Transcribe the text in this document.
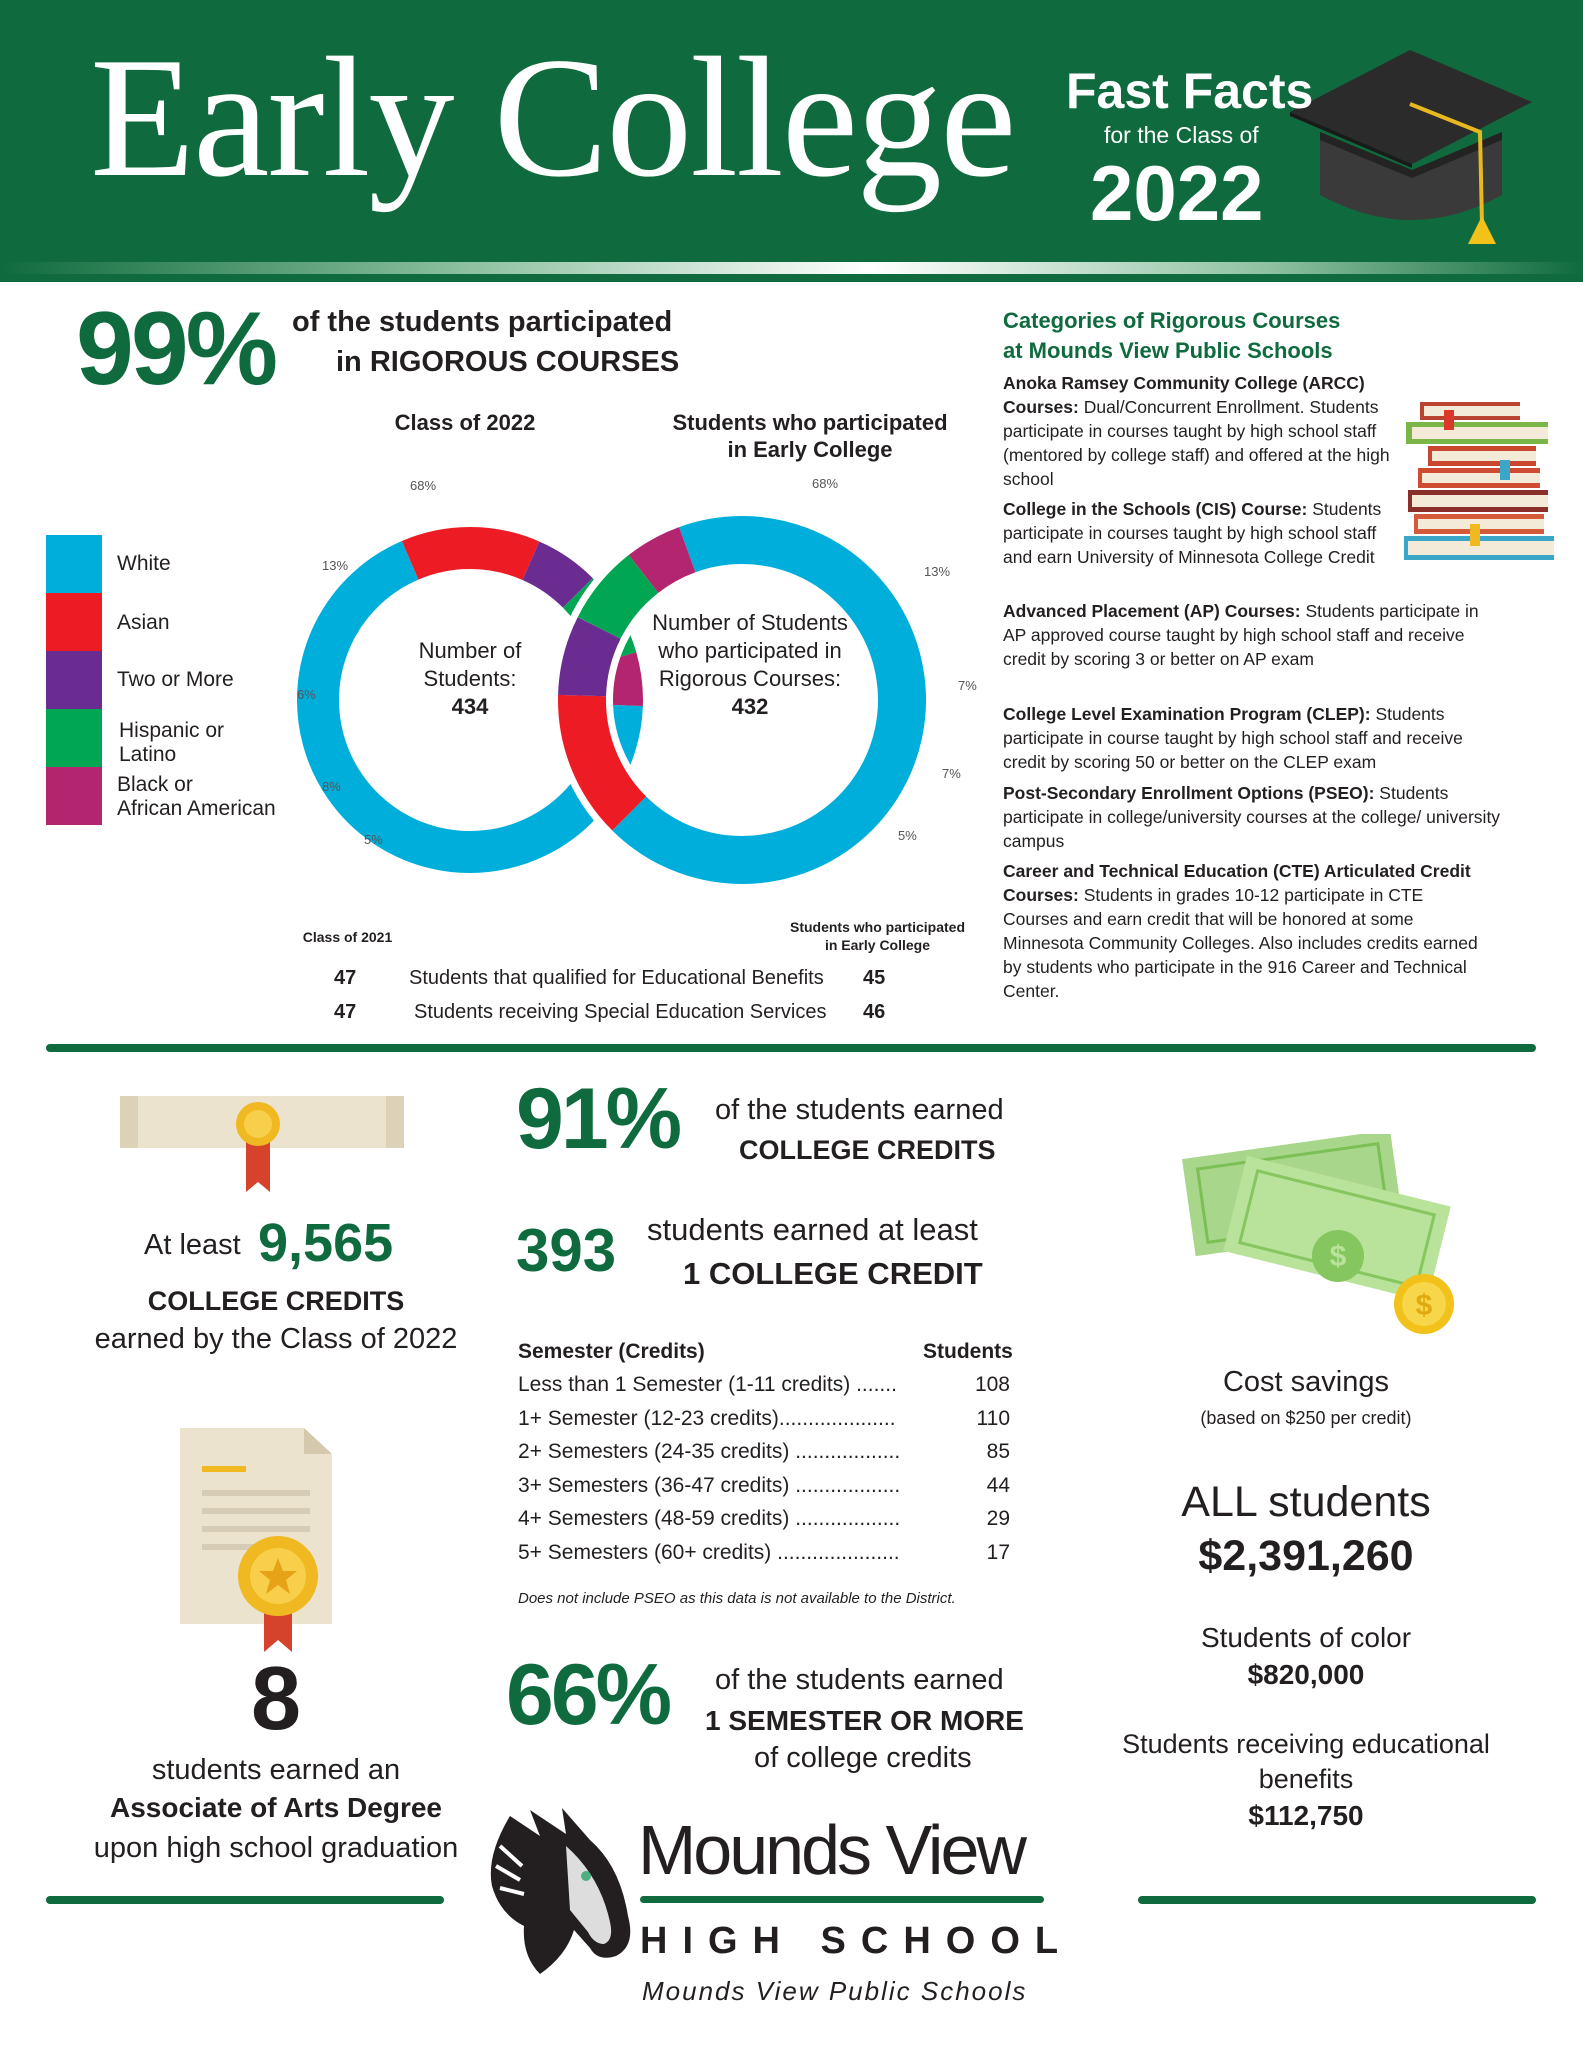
Early College Fast Facts
for the Class of
2022
99% of the students participated
in RIGOROUS COURSES
Class of 2022	Students who participated
in Early College
68%
13%
6%
8%
5%
68%
13%
7%
7%
5%
Number of
Students:
434
Number of Students
who participated in
Rigorous Courses:
432
White
Asian
Two or More
Hispanic or
Latino
Black or
African American
Class of 2021
Students who participated
in Early College
47	Students that qualified for Educational Benefits 45
47	Students receiving Special Education Services 46
Categories of Rigorous Courses
at Mounds View Public Schools
Anoka Ramsey Community College (ARCC) Courses: Dual/Concurrent Enrollment. Students participate in courses taught by high school staff (mentored by college staff) and offered at the high school
College in the Schools (CIS) Course: Students participate in courses taught by high school staff and earn University of Minnesota College Credit
Advanced Placement (AP) Courses: Students participate in AP approved course taught by high school staff and receive credit by scoring 3 or better on AP exam
College Level Examination Program (CLEP): Students participate in course taught by high school staff and receive credit by scoring 50 or better on the CLEP exam
Post-Secondary Enrollment Options (PSEO): Students participate in college/university courses at the college/ university campus
Career and Technical Education (CTE) Articulated Credit Courses: Students in grades 10-12 participate in CTE Courses and earn credit that will be honored at some Minnesota Community Colleges. Also includes credits earned by students who participate in the 916 Career and Technical Center.
At least 9,565
COLLEGE CREDITS
earned by the Class of 2022
8
students earned an
Associate of Arts Degree
upon high school graduation
91% of the students earned
COLLEGE CREDITS
393 students earned at least
1 COLLEGE CREDIT
Semester (Credits)	Students
Less than 1 Semester (1-11 credits) .......	108
1+ Semester (12-23 credits)....................	110
2+ Semesters (24-35 credits) ..................	85
3+ Semesters (36-47 credits) ..................	44
4+ Semesters (48-59 credits) ..................	29
5+ Semesters (60+ credits) .....................	17
Does not include PSEO as this data is not available to the District.
66% of the students earned
1 SEMESTER OR MORE
of college credits
Mounds View
HIGH SCHOOL
Mounds View Public Schools
$
$
Cost savings
(based on $250 per credit)
ALL students
$2,391,260
Students of color
$820,000
Students receiving educational
benefits
$112,750
